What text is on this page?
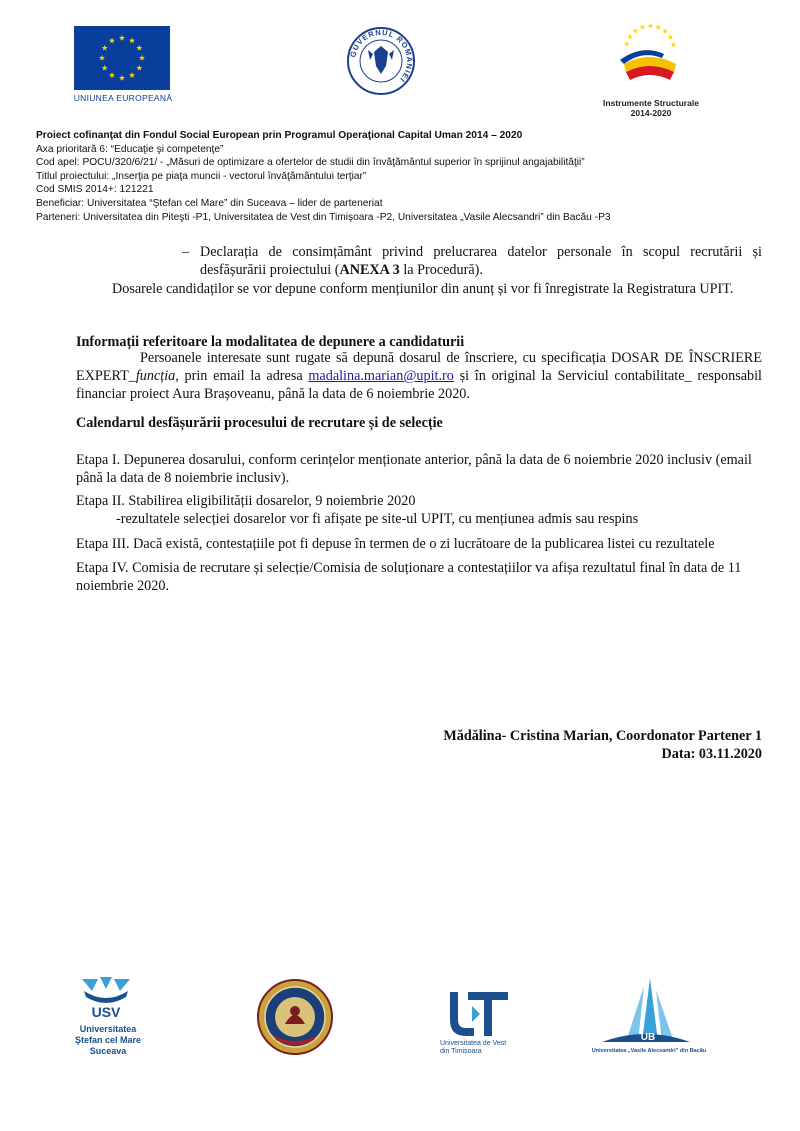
UNIUNEA EUROPEANĂ
GUVERNUL ROMÂNIEI
Instrumente Structurale
2014-2020
Proiect cofinanţat din Fondul Social European prin Programul Operaţional Capital Uman 2014 – 2020
Axa prioritară 6: “Educaţie şi competenţe”
Cod apel: POCU/320/6/21/ - „Măsuri de optimizare a ofertelor de studii din învăţământul superior în sprijinul angajabilităţii”
Titlul proiectului: „Inserţia pe piaţa muncii - vectorul învăţământului terţiar”
Cod SMIS 2014+: 121221
Beneficiar: Universitatea “Ştefan cel Mare” din Suceava – lider de parteneriat
Parteneri: Universitatea din Piteşti -P1, Universitatea de Vest din Timişoara -P2, Universitatea „Vasile Alecsandri” din Bacău -P3
– Declarația de consimțământ privind prelucrarea datelor personale în scopul recrutării și desfășurării proiectului (ANEXA 3 la Procedură).
Dosarele candidaților se vor depune conform mențiunilor din anunț și vor fi înregistrate la Registratura UPIT.
Informații referitoare la modalitatea de depunere a candidaturii
Persoanele interesate sunt rugate să depună dosarul de înscriere, cu specificația DOSAR DE ÎNSCRIERE EXPERT_funcția, prin email la adresa madalina.marian@upit.ro și în original la Serviciul contabilitate_ responsabil financiar proiect Aura Brașoveanu, până la data de 6 noiembrie 2020.
Calendarul desfășurării procesului de recrutare și de selecție
Etapa I. Depunerea dosarului, conform cerințelor menționate anterior, până la data de 6 noiembrie 2020 inclusiv (email până la data de 8 noiembrie inclusiv).
Etapa II. Stabilirea eligibilității dosarelor, 9 noiembrie 2020
-rezultatele selecției dosarelor vor fi afișate pe site-ul UPIT, cu mențiunea admis sau respins
Etapa III. Dacă există, contestațiile pot fi depuse în termen de o zi lucrătoare de la publicarea listei cu rezultatele
Etapa IV. Comisia de recrutare și selecție/Comisia de soluționare a contestațiilor va afișa rezultatul final în data de 11 noiembrie 2020.
Mădălina- Cristina Marian, Coordonator Partener 1
Data: 03.11.2020
USV
Universitatea
Ştefan cel Mare
Suceava
Universitatea de Vest
din Timișoara
UB
Universitatea „Vasile Alecsandri” din Bacău
